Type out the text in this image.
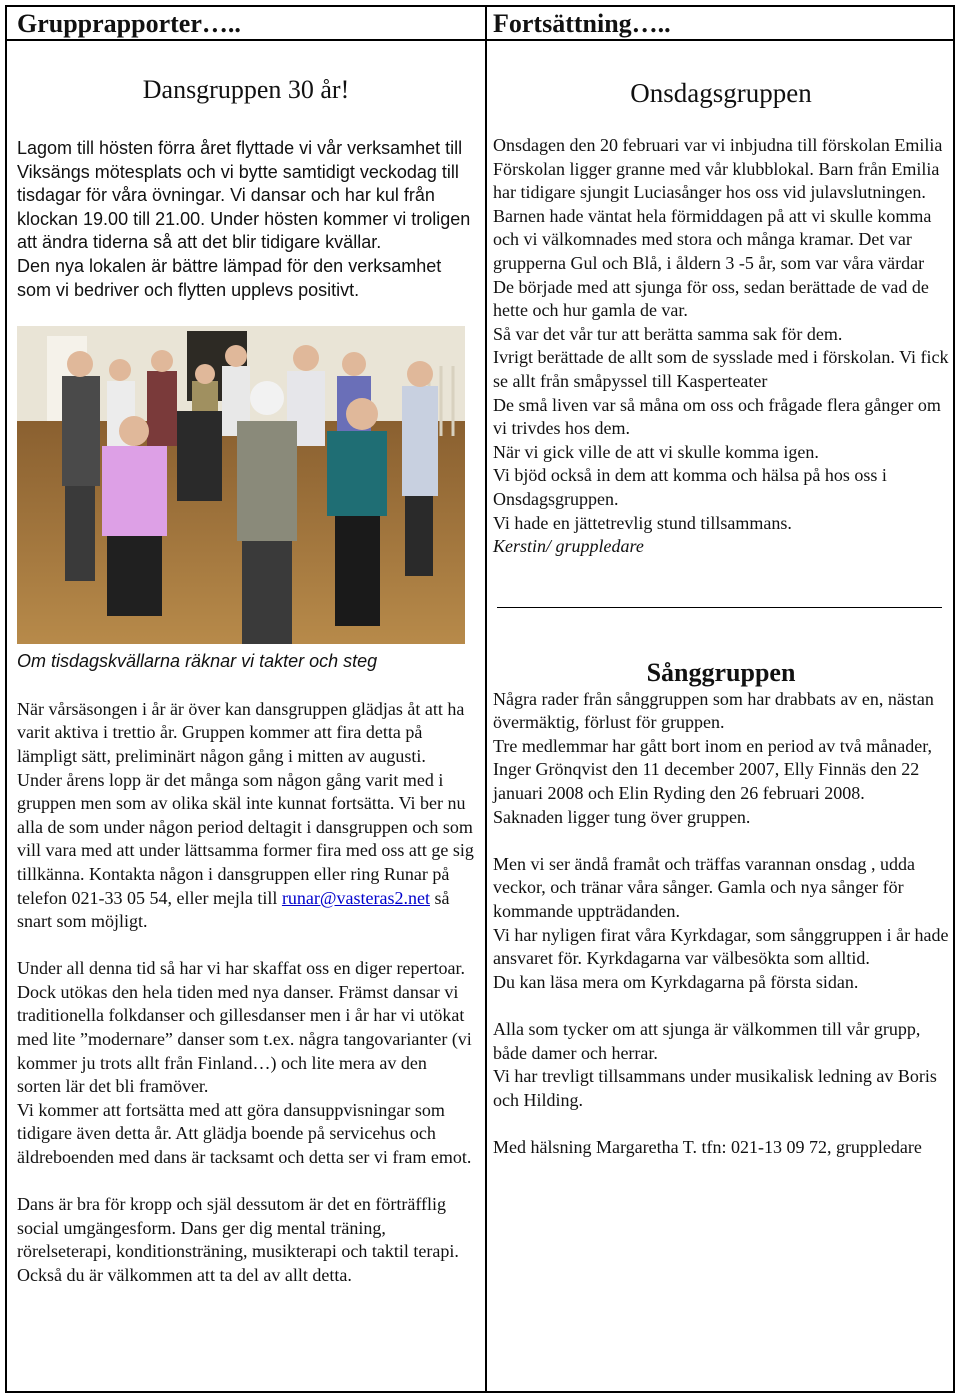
Grupprapporter…..	Fortsättning…..
Dansgruppen 30 år!

Lagom till hösten förra året flyttade vi vår verksamhet till Viksängs mötesplats och vi bytte samtidigt veckodag till tisdagar för våra övningar. Vi dansar och har kul från klockan 19.00 till 21.00. Under hösten kommer vi troligen att ändra tiderna så att det blir tidigare kvällar.

Den nya lokalen är bättre lämpad för den verksamhet som vi bedriver och flytten upplevs positivt.

Om tisdagskvällarna räknar vi takter och steg

När vårsäsongen i år är över kan dansgruppen glädjas åt att ha varit aktiva i trettio år. Gruppen kommer att fira detta på lämpligt sätt, preliminärt någon gång i mitten av augusti. Under årens lopp är det många som någon gång varit med i gruppen men som av olika skäl inte kunnat fortsätta. Vi ber nu alla de som under någon period deltagit i dansgruppen och som vill vara med att under lättsamma former fira med oss att ge sig tillkänna. Kontakta någon i dansgruppen eller ring Runar på telefon 021-33 05 54, eller mejla till runar@vasteras2.net så snart som möjligt.

Under all denna tid så har vi har skaffat oss en diger repertoar. Dock utökas den hela tiden med nya danser. Främst dansar vi traditionella folkdanser och gillesdanser men i år har vi utökat med lite ”modernare” danser som t.ex. några tangovarianter (vi kommer ju trots allt från Finland…) och lite mera av den sorten lär det bli framöver.

Vi kommer att fortsätta med att göra dansuppvisningar som tidigare även detta år. Att glädja boende på servicehus och äldreboenden med dans är tacksamt och detta ser vi fram emot.

Dans är bra för kropp och själ dessutom är det en förträfflig social umgängesform. Dans ger dig mental träning, rörelseterapi, konditionsträning, musikterapi och taktil terapi. Också du är välkommen att ta del av allt detta.

Onsdagsgruppen

Onsdagen den 20 februari var vi inbjudna till förskolan Emilia Förskolan ligger granne med vår klubblokal. Barn från Emilia har tidigare sjungit Luciasånger hos oss vid julavslutningen.

Barnen hade väntat hela förmiddagen på att vi skulle komma och vi välkomnades med stora och många kramar. Det var grupperna Gul och Blå, i åldern 3 -5 år, som var våra värdar

De började med att sjunga för oss, sedan berättade de vad de hette och hur gamla de var.

Så var det vår tur att berätta samma sak för dem.

Ivrigt berättade de allt som de sysslade med i förskolan. Vi fick se allt från småpyssel till Kasperteater

De små liven var så måna om oss och frågade flera gånger om vi trivdes hos dem.

När vi gick ville de att vi skulle komma igen.

Vi bjöd också in dem att komma och hälsa på hos oss i Onsdagsgruppen.

Vi hade en jättetrevlig stund tillsammans.

Kerstin/ gruppledare

Sånggruppen

Några rader från sånggruppen som har drabbats av en, nästan övermäktig, förlust för gruppen.

Tre medlemmar har gått bort inom en period av två månader, Inger Grönqvist den 11 december 2007, Elly Finnäs den 22 januari 2008 och Elin Ryding den 26 februari 2008.

Saknaden ligger tung över gruppen.

Men vi ser ändå framåt och träffas varannan onsdag , udda veckor, och tränar våra sånger. Gamla och nya sånger för kommande uppträdanden.

Vi har nyligen firat våra Kyrkdagar, som sånggruppen i år hade ansvaret för. Kyrkdagarna var välbesökta som alltid.

Du kan läsa mera om Kyrkdagarna på första sidan.

Alla som tycker om att sjunga är välkommen till vår grupp, både damer och herrar.

Vi har trevligt tillsammans under musikalisk ledning av Boris och Hilding.

Med hälsning Margaretha T. tfn: 021-13 09 72, gruppledare
